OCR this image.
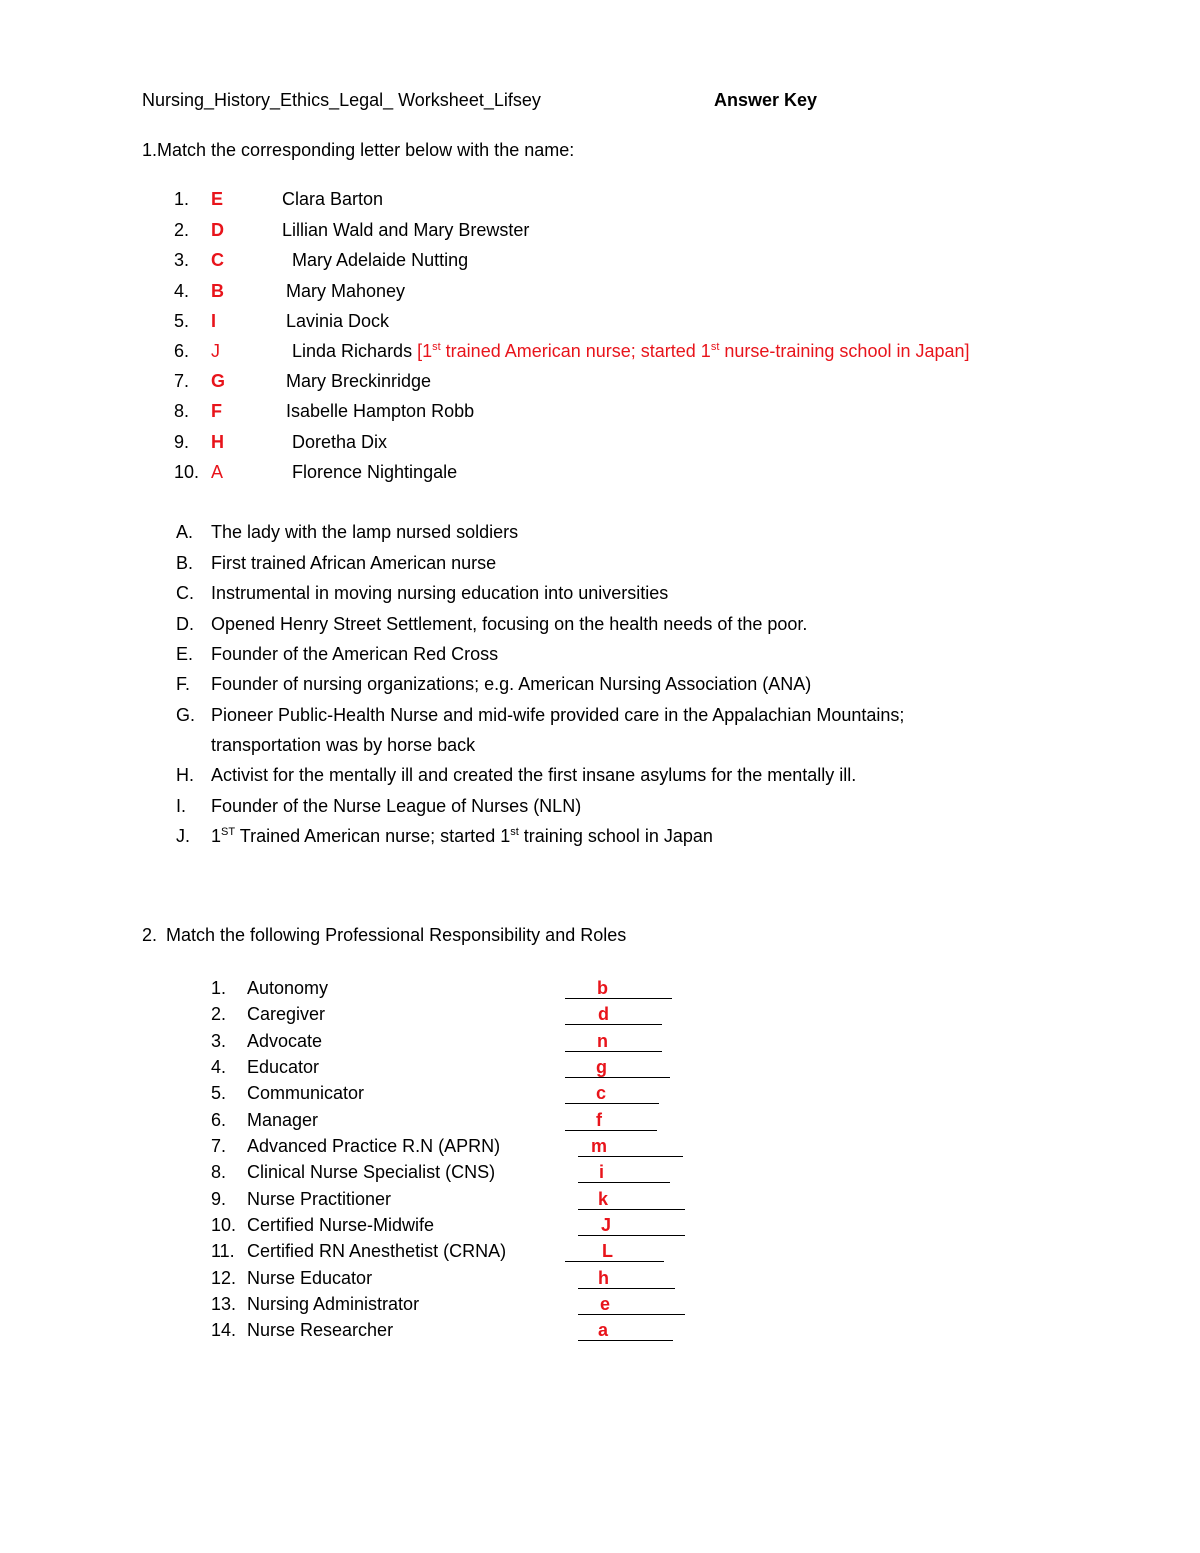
Nursing_History_Ethics_Legal_ Worksheet_Lifsey	Answer Key
1.Match the corresponding letter below with the name:
1. E	Clara Barton
2. D	Lillian Wald and Mary Brewster
3. C	Mary Adelaide Nutting
4. B	Mary Mahoney
5. I	Lavinia Dock
6. J	Linda Richards [1st trained American nurse; started 1st nurse-training school in Japan]
7. G	Mary Breckinridge
8. F	Isabelle Hampton Robb
9. H	Doretha Dix
10. A	Florence Nightingale
A. The lady with the lamp nursed soldiers
B. First trained African American nurse
C. Instrumental in moving nursing education into universities
D. Opened Henry Street Settlement, focusing on the health needs of the poor.
E. Founder of the American Red Cross
F. Founder of nursing organizations; e.g. American Nursing Association (ANA)
G. Pioneer Public-Health Nurse and mid-wife provided care in the Appalachian Mountains;
transportation was by horse back
H. Activist for the mentally ill and created the first insane asylums for the mentally ill.
I. Founder of the Nurse League of Nurses (NLN)
J. 1ST Trained American nurse; started 1st training school in Japan
2. Match the following Professional Responsibility and Roles
1. Autonomy	b
2. Caregiver	d
3. Advocate	n
4. Educator	g
5. Communicator	c
6. Manager	f
7. Advanced Practice R.N (APRN)	m
8. Clinical Nurse Specialist (CNS)	i
9. Nurse Practitioner	k
10. Certified Nurse-Midwife	J
11. Certified RN Anesthetist (CRNA)	L
12. Nurse Educator	h
13. Nursing Administrator	e
14. Nurse Researcher	a
